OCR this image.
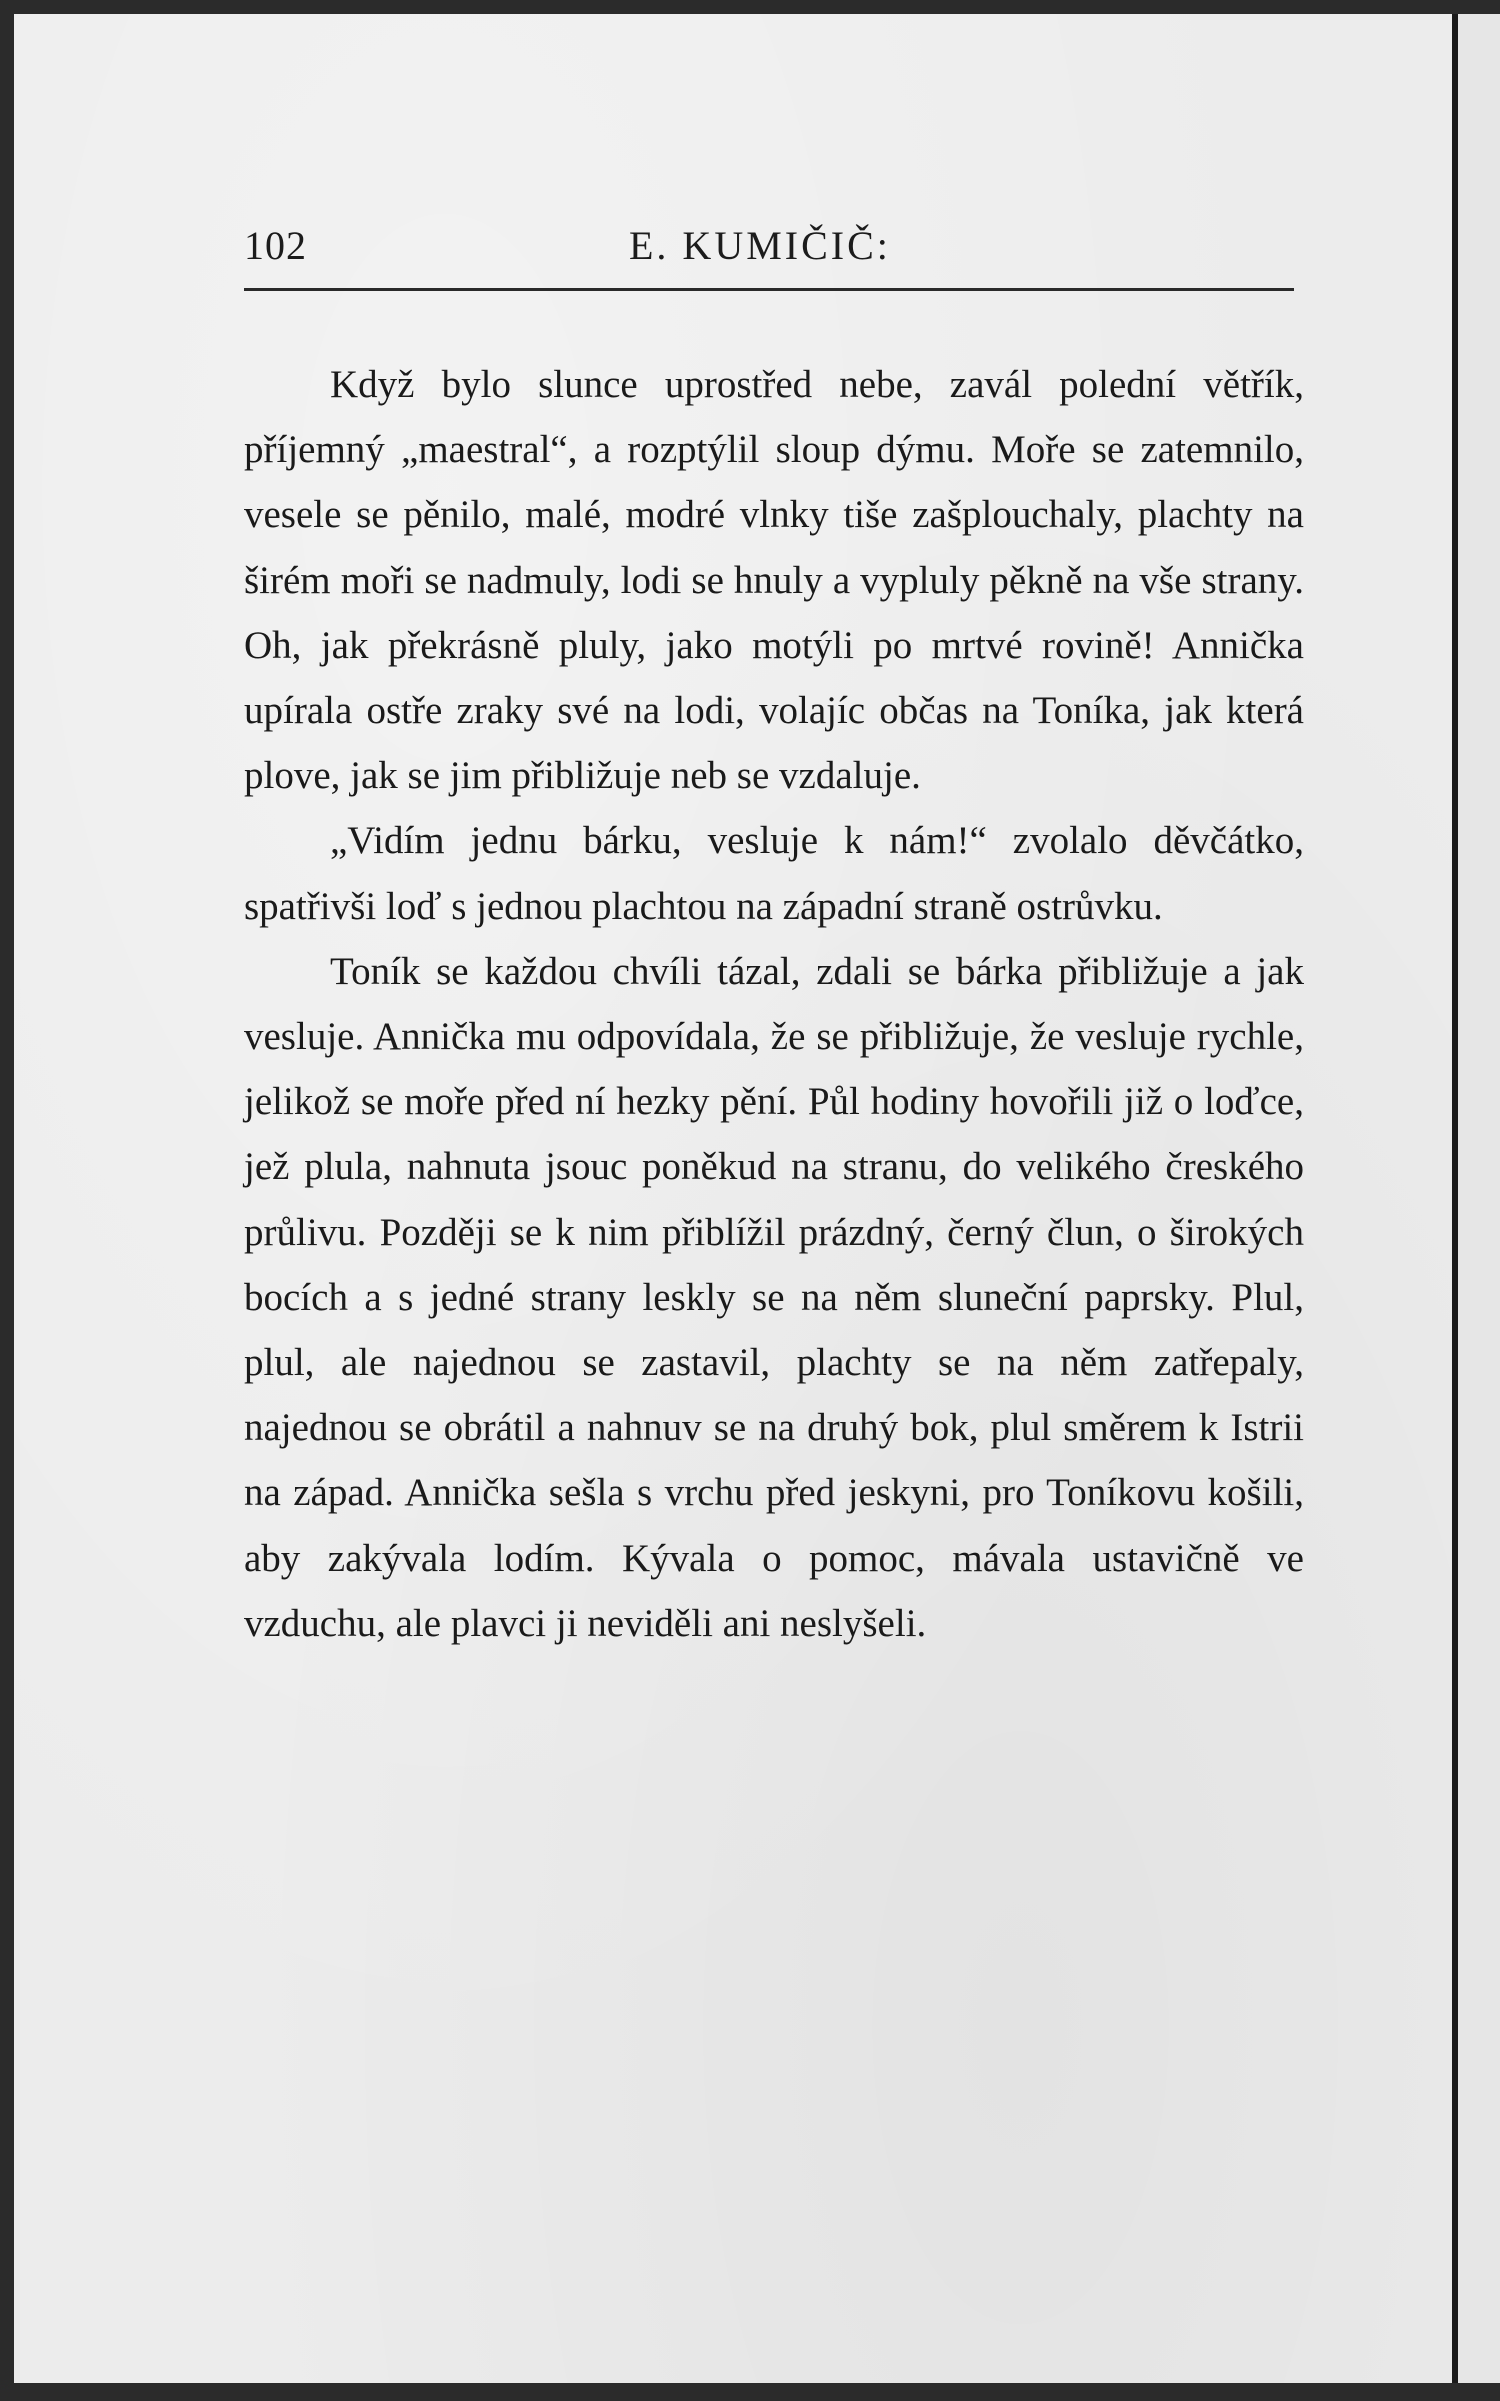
102	E. KUMIČIČ:

Když bylo slunce uprostřed nebe, zavál polední větřík, příjemný „maestral“, a rozptýlil sloup dýmu. Moře se zatemnilo, vesele se pěnilo, malé, modré vlnky tiše zašplouchaly, plachty na širém moři se nadmuly, lodi se hnuly a vypluly pěkně na vše strany. Oh, jak překrásně pluly, jako motýli po mrtvé rovině! Annička upírala ostře zraky své na lodi, volajíc občas na Toníka, jak která plove, jak se jim přibližuje neb se vzdaluje.

„Vidím jednu bárku, vesluje k nám!“ zvolalo děvčátko, spatřivši loď s jednou plachtou na západní straně ostrůvku.

Toník se každou chvíli tázal, zdali se bárka přibližuje a jak vesluje. Annička mu odpovídala, že se přibližuje, že vesluje rychle, jelikož se moře před ní hezky pění. Půl hodiny hovořili již o loďce, jež plula, nahnuta jsouc poněkud na stranu, do velikého čreského průlivu. Později se k nim přiblížil prázdný, černý člun, o širokých bocích a s jedné strany leskly se na něm sluneční paprsky. Plul, plul, ale najednou se zastavil, plachty se na něm zatřepaly, najednou se obrátil a nahnuv se na druhý bok, plul směrem k Istrii na západ. Annička sešla s vrchu před jeskyni, pro Toníkovu košili, aby zakývala lodím. Kývala o pomoc, mávala ustavičně ve vzduchu, ale plavci ji neviděli ani neslyšeli.
